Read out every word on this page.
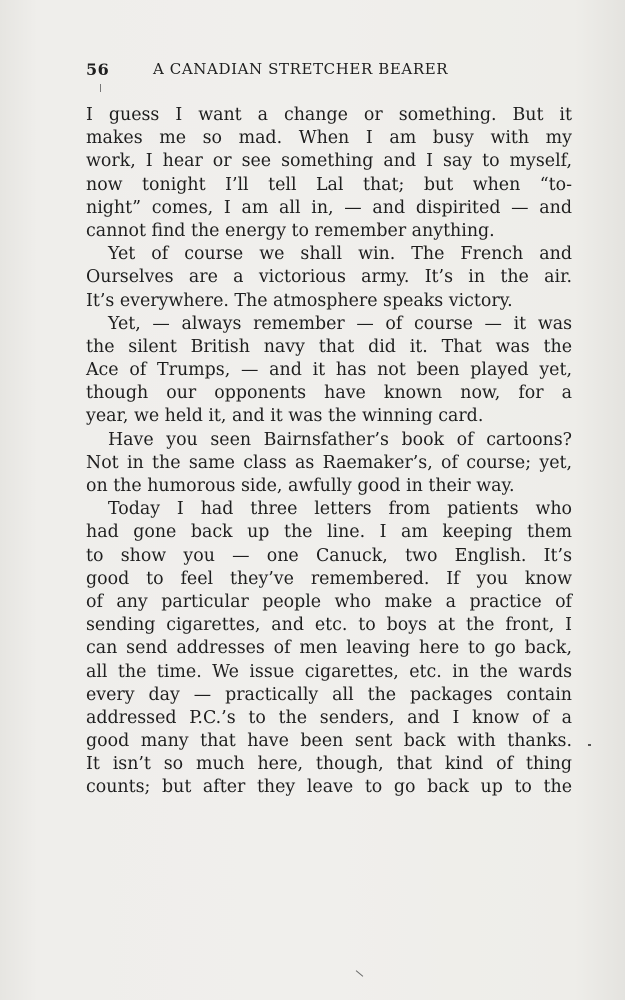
56	A CANADIAN STRETCHER BEARER
I guess I want a change or something. But it
makes me so mad. When I am busy with my
work, I hear or see something and I say to myself,
now tonight I’ll tell Lal that; but when “to-
night” comes, I am all in, — and dispirited — and
cannot find the energy to remember anything.
Yet of course we shall win. The French and
Ourselves are a victorious army. It’s in the air.
It’s everywhere. The atmosphere speaks victory.
Yet, — always remember — of course — it was
the silent British navy that did it. That was the
Ace of Trumps, — and it has not been played yet,
though our opponents have known now, for a
year, we held it, and it was the winning card.
Have you seen Bairnsfather’s book of cartoons?
Not in the same class as Raemaker’s, of course; yet,
on the humorous side, awfully good in their way.
Today I had three letters from patients who
had gone back up the line. I am keeping them
to show you — one Canuck, two English. It’s
good to feel they’ve remembered. If you know
of any particular people who make a practice of
sending cigarettes, and etc. to boys at the front, I
can send addresses of men leaving here to go back,
all the time. We issue cigarettes, etc. in the wards
every day — practically all the packages contain
addressed P.C.’s to the senders, and I know of a
good many that have been sent back with thanks.
It isn’t so much here, though, that kind of thing
counts; but after they leave to go back up to the
